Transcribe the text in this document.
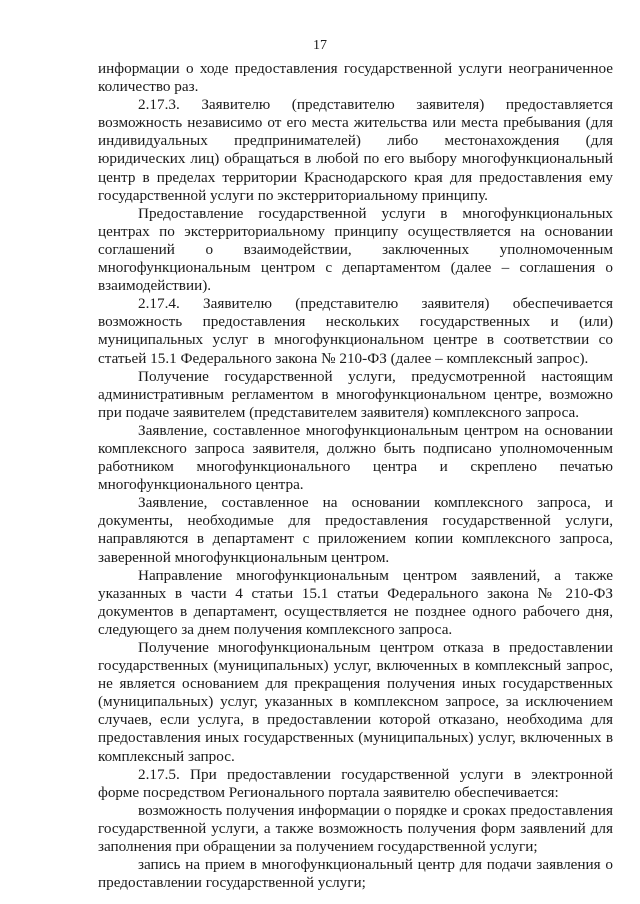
17

информации о ходе предоставления государственной услуги неограниченное количество раз.

2.17.3. Заявителю (представителю заявителя) предоставляется возможность независимо от его места жительства или места пребывания (для индивидуальных предпринимателей) либо местонахождения (для юридических лиц) обращаться в любой по его выбору многофункциональный центр в пределах территории Краснодарского края для предоставления ему государственной услуги по экстерриториальному принципу.

Предоставление государственной услуги в многофункциональных центрах по экстерриториальному принципу осуществляется на основании соглашений о взаимодействии, заключенных уполномоченным многофункциональным центром с департаментом (далее – соглашения о взаимодействии).

2.17.4. Заявителю (представителю заявителя) обеспечивается возможность предоставления нескольких государственных и (или) муниципальных услуг в многофункциональном центре в соответствии со статьей 15.1 Федерального закона № 210-ФЗ (далее – комплексный запрос).

Получение государственной услуги, предусмотренной настоящим административным регламентом в многофункциональном центре, возможно при подаче заявителем (представителем заявителя) комплексного запроса.

Заявление, составленное многофункциональным центром на основании комплексного запроса заявителя, должно быть подписано уполномоченным работником многофункционального центра и скреплено печатью многофункционального центра.

Заявление, составленное на основании комплексного запроса, и документы, необходимые для предоставления государственной услуги, направляются в департамент с приложением копии комплексного запроса, заверенной многофункциональным центром.

Направление многофункциональным центром заявлений, а также указанных в части 4 статьи 15.1 статьи Федерального закона № 210-ФЗ документов в департамент, осуществляется не позднее одного рабочего дня, следующего за днем получения комплексного запроса.

Получение многофункциональным центром отказа в предоставлении государственных (муниципальных) услуг, включенных в комплексный запрос, не является основанием для прекращения получения иных государственных (муниципальных) услуг, указанных в комплексном запросе, за исключением случаев, если услуга, в предоставлении которой отказано, необходима для предоставления иных государственных (муниципальных) услуг, включенных в комплексный запрос.

2.17.5. При предоставлении государственной услуги в электронной форме посредством Регионального портала заявителю обеспечивается:

возможность получения информации о порядке и сроках предоставления государственной услуги, а также возможность получения форм заявлений для заполнения при обращении за получением государственной услуги;

запись на прием в многофункциональный центр для подачи заявления о предоставлении государственной услуги;
